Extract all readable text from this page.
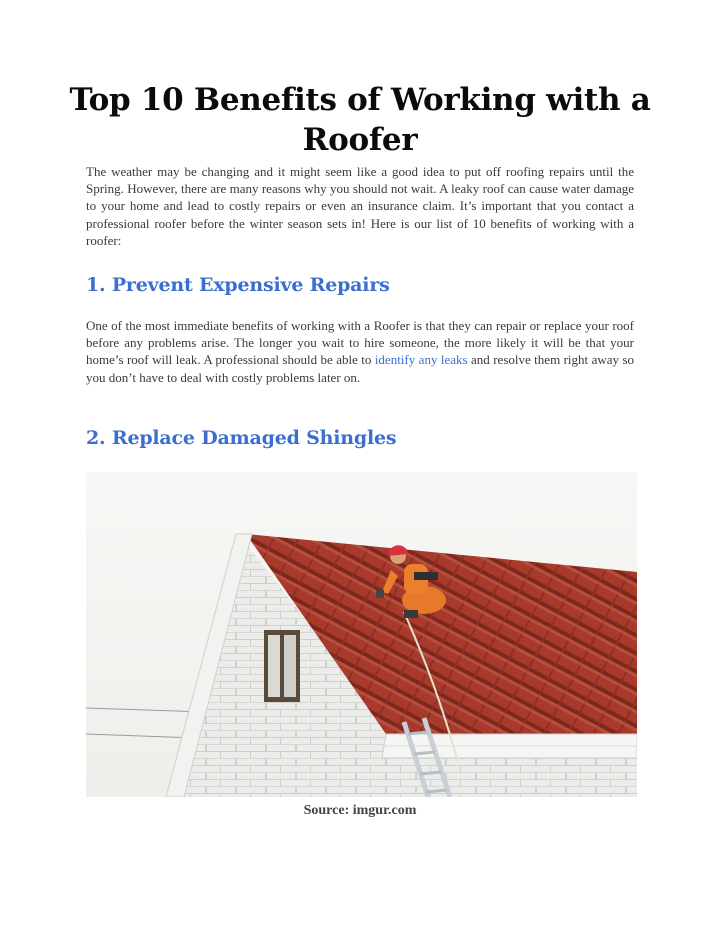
Top 10 Benefits of Working with a Roofer

The weather may be changing and it might seem like a good idea to put off roofing repairs until the Spring. However, there are many reasons why you should not wait. A leaky roof can cause water damage to your home and lead to costly repairs or even an insurance claim. It’s important that you contact a professional roofer before the winter season sets in! Here is our list of 10 benefits of working with a roofer:

1. Prevent Expensive Repairs

One of the most immediate benefits of working with a Roofer is that they can repair or replace your roof before any problems arise. The longer you wait to hire someone, the more likely it will be that your home’s roof will leak. A professional should be able to identify any leaks and resolve them right away so you don’t have to deal with costly problems later on.

2. Replace Damaged Shingles
Source: imgur.com
